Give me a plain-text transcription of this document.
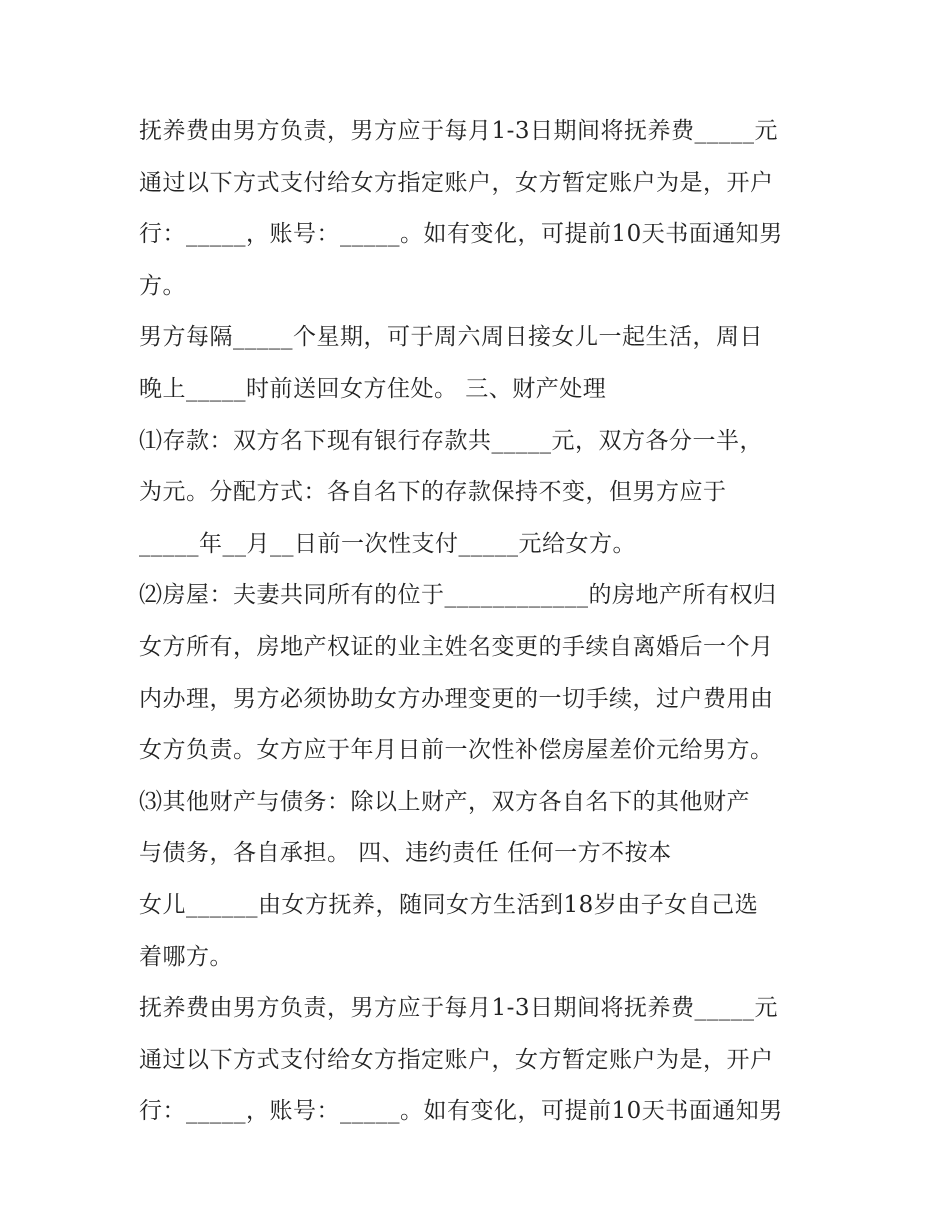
抚养费由男方负责，男方应于每月1-3日期间将抚养费_____元
通过以下方式支付给女方指定账户，女方暂定账户为是，开户
行：_____，账号：_____。如有变化，可提前10天书面通知男
方。
男方每隔_____个星期，可于周六周日接女儿一起生活，周日
晚上_____时前送回女方住处。 三、财产处理
⑴存款：双方名下现有银行存款共_____元，双方各分一半，
为元。分配方式：各自名下的存款保持不变，但男方应于
_____年__月__日前一次性支付_____元给女方。
⑵房屋：夫妻共同所有的位于____________的房地产所有权归
女方所有，房地产权证的业主姓名变更的手续自离婚后一个月
内办理，男方必须协助女方办理变更的一切手续，过户费用由
女方负责。女方应于年月日前一次性补偿房屋差价元给男方。
⑶其他财产与债务：除以上财产，双方各自名下的其他财产
与债务，各自承担。 四、违约责任 任何一方不按本
女儿______由女方抚养，随同女方生活到18岁由子女自己选
着哪方。
抚养费由男方负责，男方应于每月1-3日期间将抚养费_____元
通过以下方式支付给女方指定账户，女方暂定账户为是，开户
行：_____，账号：_____。如有变化，可提前10天书面通知男
